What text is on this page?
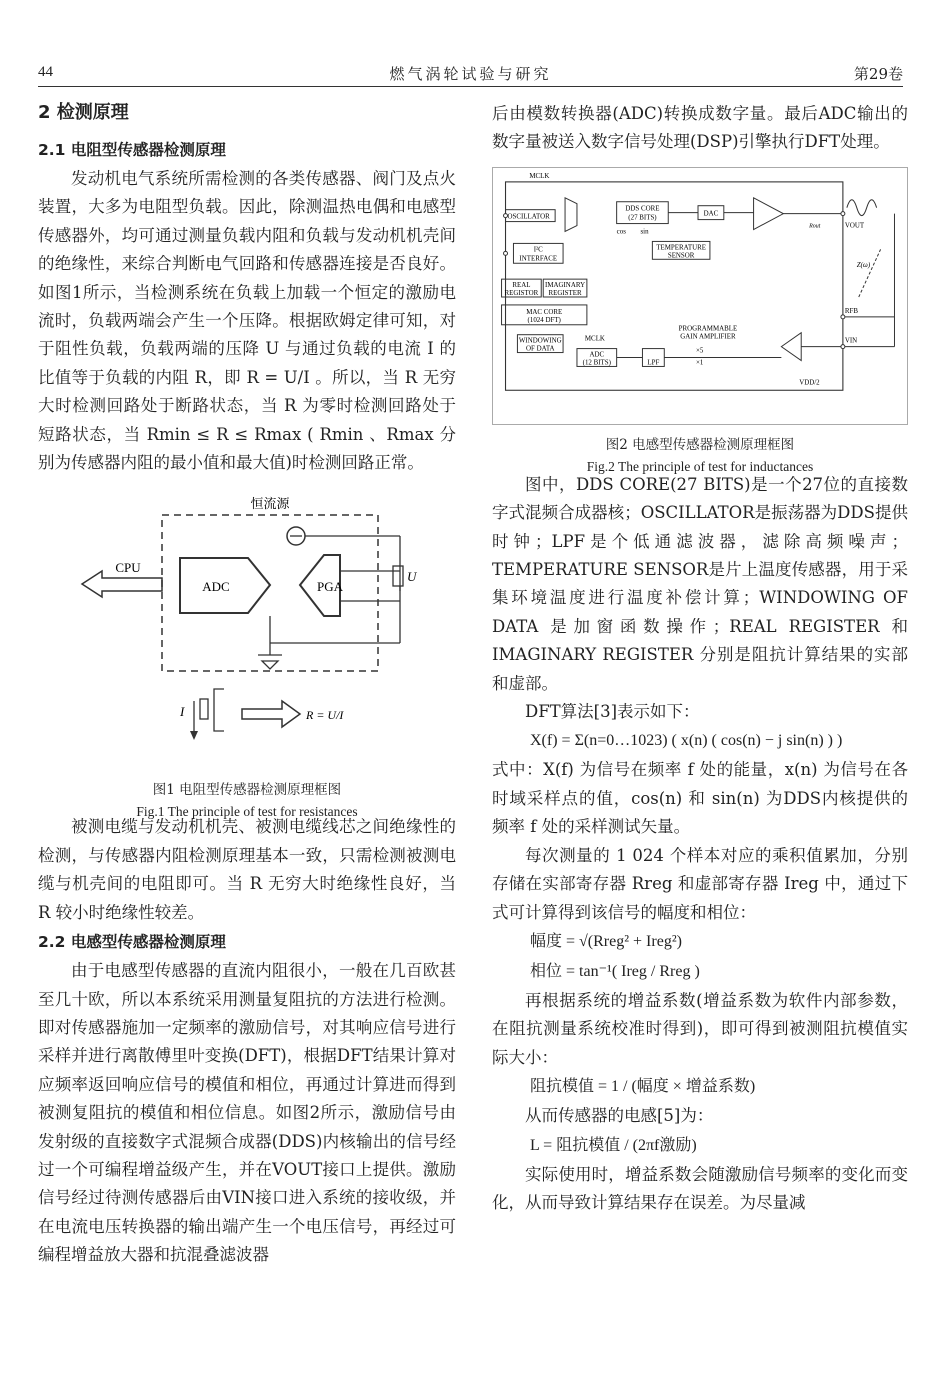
44	燃气涡轮试验与研究	第29卷
2 检测原理
2.1 电阻型传感器检测原理

发动机电气系统所需检测的各类传感器、阀门及点火装置，大多为电阻型负载。因此，除测温热电偶和电感型传感器外，均可通过测量负载内阻和负载与发动机机壳间的绝缘性，来综合判断电气回路和传感器连接是否良好。如图1所示，当检测系统在负载上加载一个恒定的激励电流时，负载两端会产生一个压降。根据欧姆定律可知，对于阻性负载，负载两端的压降 U 与通过负载的电流 I 的比值等于负载的内阻 R，即 R = U/I 。所以，当 R 无穷大时检测回路处于断路状态，当 R 为零时检测回路处于短路状态，当 Rmin ≤ R ≤ Rmax ( Rmin 、Rmax 分别为传感器内阻的最小值和最大值)时检测回路正常。

恒流源
ADC	PGA
U
CPU
I	R = U/I
图1 电阻型传感器检测原理框图
Fig.1 The principle of test for resistances

被测电缆与发动机机壳、被测电缆线芯之间绝缘性的检测，与传感器内阻检测原理基本一致，只需检测被测电缆与机壳间的电阻即可。当 R 无穷大时绝缘性良好，当 R 较小时绝缘性较差。

2.2 电感型传感器检测原理

由于电感型传感器的直流内阻很小，一般在几百欧甚至几十欧，所以本系统采用测量复阻抗的方法进行检测。即对传感器施加一定频率的激励信号，对其响应信号进行采样并进行离散傅里叶变换(DFT)，根据DFT结果计算对应频率返回响应信号的模值和相位，再通过计算进而得到被测复阻抗的模值和相位信息。如图2所示，激励信号由发射级的直接数字式混频合成器(DDS)内核输出的信号经过一个可编程增益级产生，并在VOUT接口上提供。激励信号经过待测传感器后由VIN接口进入系统的接收级，并在电流电压转换器的输出端产生一个电压信号，再经过可编程增益放大器和抗混叠滤波器

后由模数转换器(ADC)转换成数字量。最后ADC输出的数字量被送入数字信号处理(DSP)引擎执行DFT处理。

MCLK
OSCILLATOR
DDS CORE
(27 BITS)
cos sin
DAC
Rout	VOUT
Z(ω)
RFB
VIN
I²C
INTERFACE
TEMPERATURE
SENSOR
REAL
REGISTOR
IMAGINARY
REGISTER
MAC CORE
(1024 DFT)
WINDOWING
OF DATA
MCLK
ADC
(12 BITS)	LPF
PROGRAMMABLE
GAIN AMPLIFIER
×5
×1
VDD/2
图2 电感型传感器检测原理框图
Fig.2 The principle of test for inductances

图中，DDS CORE(27 BITS)是一个27位的直接数字式混频合成器核；OSCILLATOR是振荡器为DDS提供时钟；LPF是个低通滤波器，滤除高频噪声；TEMPERATURE SENSOR是片上温度传感器，用于采集环境温度进行温度补偿计算；WINDOWING OF DATA 是加窗函数操作；REAL REGISTER 和 IMAGINARY REGISTER 分别是阻抗计算结果的实部和虚部。

DFT算法[3]表示如下：

X(f) = Σ(n=0…1023) ( x(n) ( cos(n) − j sin(n) ) )

式中：X(f) 为信号在频率 f 处的能量，x(n) 为信号在各时域采样点的值，cos(n) 和 sin(n) 为DDS内核提供的频率 f 处的采样测试矢量。

每次测量的 1 024 个样本对应的乘积值累加，分别存储在实部寄存器 Rreg 和虚部寄存器 Ireg 中，通过下式可计算得到该信号的幅度和相位：

幅度 = √(Rreg² + Ireg²)
相位 = tan⁻¹( Ireg / Rreg )

再根据系统的增益系数(增益系数为软件内部参数，在阻抗测量系统校准时得到)，即可得到被测阻抗模值实际大小：

阻抗模值 = 1 / (幅度 × 增益系数)

从而传感器的电感[5]为：

L = 阻抗模值 / (2πf激励)

实际使用时，增益系数会随激励信号频率的变化而变化，从而导致计算结果存在误差。为尽量减
